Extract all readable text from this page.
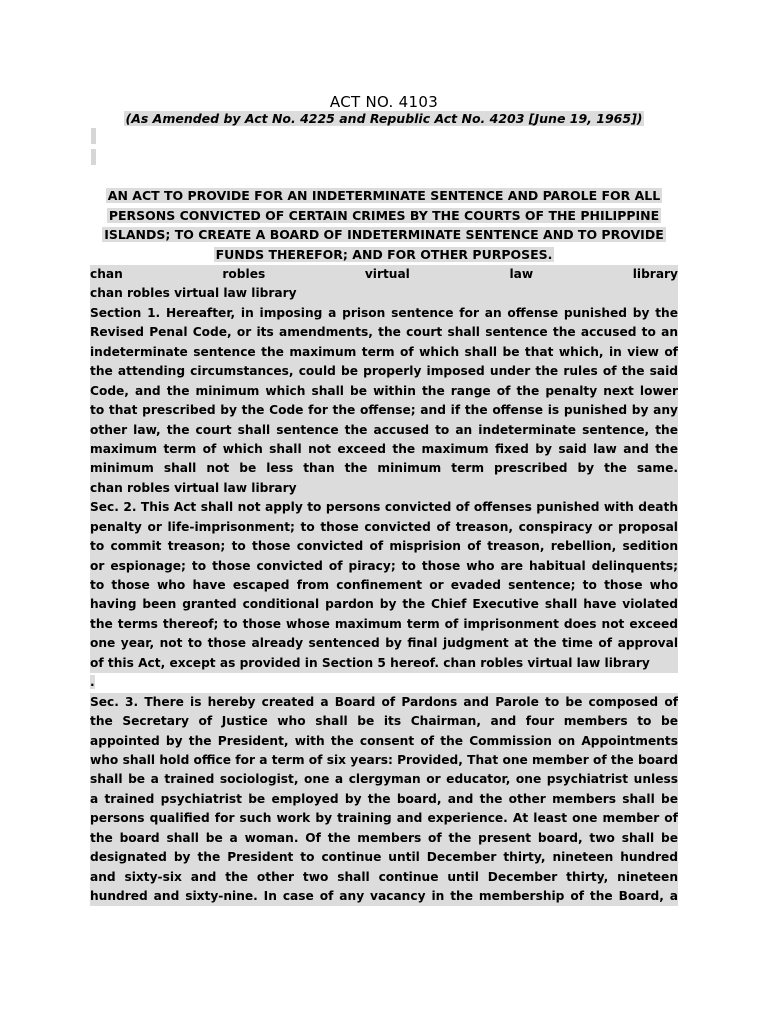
ACT NO. 4103
(As Amended by Act No. 4225 and Republic Act No. 4203 [June 19, 1965])
AN ACT TO PROVIDE FOR AN INDETERMINATE SENTENCE AND PAROLE FOR ALL
PERSONS CONVICTED OF CERTAIN CRIMES BY THE COURTS OF THE PHILIPPINE
ISLANDS; TO CREATE A BOARD OF INDETERMINATE SENTENCE AND TO PROVIDE
FUNDS THEREFOR; AND FOR OTHER PURPOSES.
chan robles virtual law library
chan robles virtual law library
Section 1. Hereafter, in imposing a prison sentence for an offense punished by the
Revised Penal Code, or its amendments, the court shall sentence the accused to an
indeterminate sentence the maximum term of which shall be that which, in view of
the attending circumstances, could be properly imposed under the rules of the said
Code, and the minimum which shall be within the range of the penalty next lower
to that prescribed by the Code for the offense; and if the offense is punished by any
other law, the court shall sentence the accused to an indeterminate sentence, the
maximum term of which shall not exceed the maximum fixed by said law and the
minimum shall not be less than the minimum term prescribed by the same.
chan robles virtual law library
Sec. 2. This Act shall not apply to persons convicted of offenses punished with death
penalty or life-imprisonment; to those convicted of treason, conspiracy or proposal
to commit treason; to those convicted of misprision of treason, rebellion, sedition
or espionage; to those convicted of piracy; to those who are habitual delinquents;
to those who have escaped from confinement or evaded sentence; to those who
having been granted conditional pardon by the Chief Executive shall have violated
the terms thereof; to those whose maximum term of imprisonment does not exceed
one year, not to those already sentenced by final judgment at the time of approval
of this Act, except as provided in Section 5 hereof. chan robles virtual law library
.
Sec. 3. There is hereby created a Board of Pardons and Parole to be composed of
the Secretary of Justice who shall be its Chairman, and four members to be
appointed by the President, with the consent of the Commission on Appointments
who shall hold office for a term of six years: Provided, That one member of the board
shall be a trained sociologist, one a clergyman or educator, one psychiatrist unless
a trained psychiatrist be employed by the board, and the other members shall be
persons qualified for such work by training and experience. At least one member of
the board shall be a woman. Of the members of the present board, two shall be
designated by the President to continue until December thirty, nineteen hundred
and sixty-six and the other two shall continue until December thirty, nineteen
hundred and sixty-nine. In case of any vacancy in the membership of the Board, a
